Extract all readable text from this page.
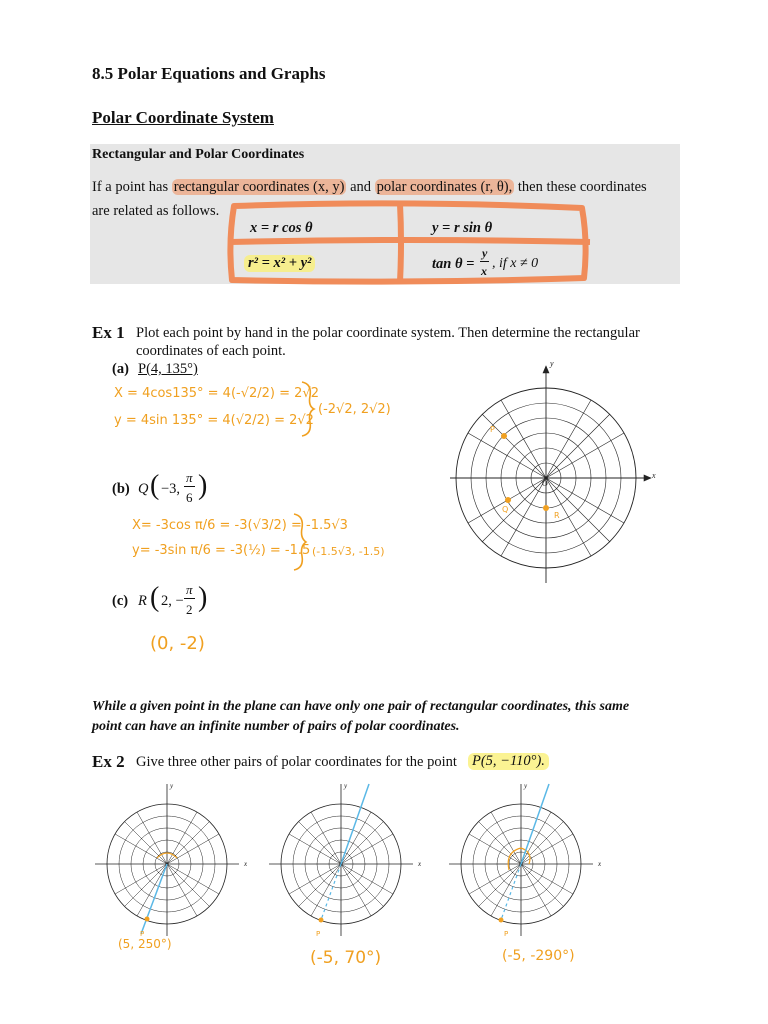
8.5 Polar Equations and Graphs
Polar Coordinate System
Rectangular and Polar Coordinates
If a point has rectangular coordinates (x, y) and polar coordinates (r, θ), then these coordinates
are related as follows.
x = r cos θ	y = r sin θ
r² = x² + y²	tan θ =
y
x , if x ≠ 0
Ex 1 Plot each point by hand in the polar coordinate system. Then determine the rectangular
coordinates of each point.
(a) P(4, 135°)
X = 4cos135° = 4(-√2/2) = 2√2
y = 4sin 135° = 4(√2/2) = 2√2
(-2√2, 2√2)
(b) Q ( −3,
π
6 )
X= -3cos π/6 = -3(√3/2) = -1.5√3
y= -3sin π/6 = -3(½) = -1.5 (-1.5√3, -1.5)
(c) R ( 2, −
π
2 )
(0, -2)
y
x
O
P
Q
R
While a given point in the plane can have only one pair of rectangular coordinates, this same
point can have an infinite number of pairs of polar coordinates.
Ex 2 Give three other pairs of polar coordinates for the point P(5, −110°).
y
x
P
(5, 250°)
y
x
P
(-5, 70°)
y
x
P
(-5, -290°)
